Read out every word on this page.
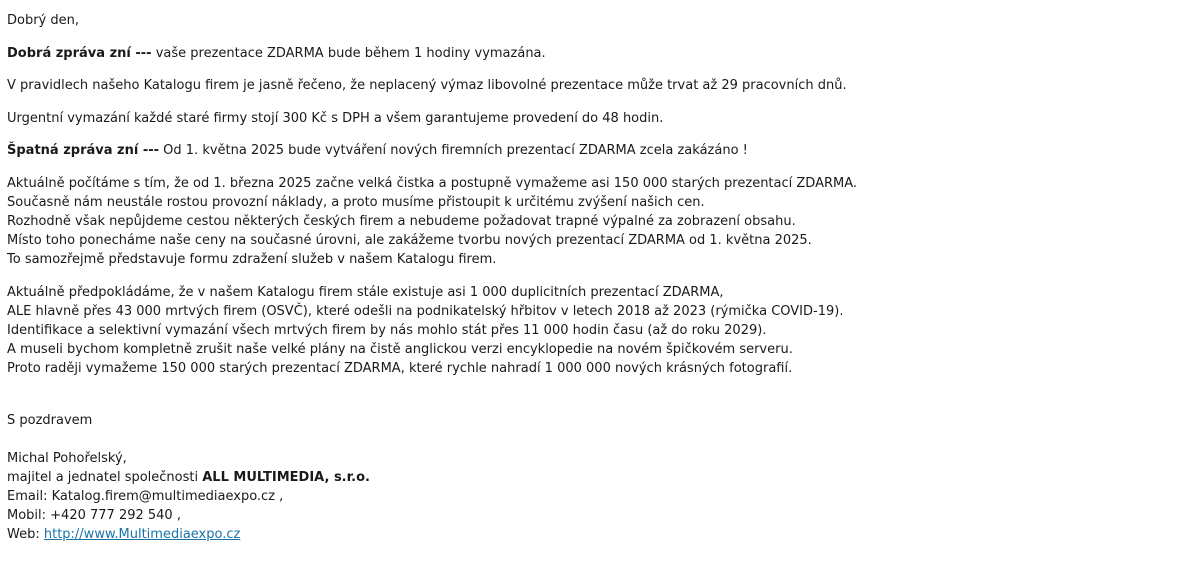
Dobrý den,
Dobrá zpráva zní --- vaše prezentace ZDARMA bude během 1 hodiny vymazána.
V pravidlech našeho Katalogu firem je jasně řečeno, že neplacený výmaz libovolné prezentace může trvat až 29 pracovních dnů.
Urgentní vymazání každé staré firmy stojí 300 Kč s DPH a všem garantujeme provedení do 48 hodin.
Špatná zpráva zní --- Od 1. května 2025 bude vytváření nových firemních prezentací ZDARMA zcela zakázáno !
Aktuálně počítáme s tím, že od 1. března 2025 začne velká čistka a postupně vymažeme asi 150 000 starých prezentací ZDARMA.
Současně nám neustále rostou provozní náklady, a proto musíme přistoupit k určitému zvýšení našich cen.
Rozhodně však nepůjdeme cestou některých českých firem a nebudeme požadovat trapné výpalné za zobrazení obsahu.
Místo toho ponecháme naše ceny na současné úrovni, ale zakážeme tvorbu nových prezentací ZDARMA od 1. května 2025.
To samozřejmě představuje formu zdražení služeb v našem Katalogu firem.
Aktuálně předpokládáme, že v našem Katalogu firem stále existuje asi 1 000 duplicitních prezentací ZDARMA,
ALE hlavně přes 43 000 mrtvých firem (OSVČ), které odešli na podnikatelský hřbitov v letech 2018 až 2023 (rýmička COVID-19).
Identifikace a selektivní vymazání všech mrtvých firem by nás mohlo stát přes 11 000 hodin času (až do roku 2029).
A museli bychom kompletně zrušit naše velké plány na čistě anglickou verzi encyklopedie na novém špičkovém serveru.
Proto raději vymažeme 150 000 starých prezentací ZDARMA, které rychle nahradí 1 000 000 nových krásných fotografií.
S pozdravem
Michal Pohořelský,
majitel a jednatel společnosti ALL MULTIMEDIA, s.r.o.
Email: Katalog.firem@multimediaexpo.cz ,
Mobil: +420 777 292 540 ,
Web: http://www.Multimediaexpo.cz
